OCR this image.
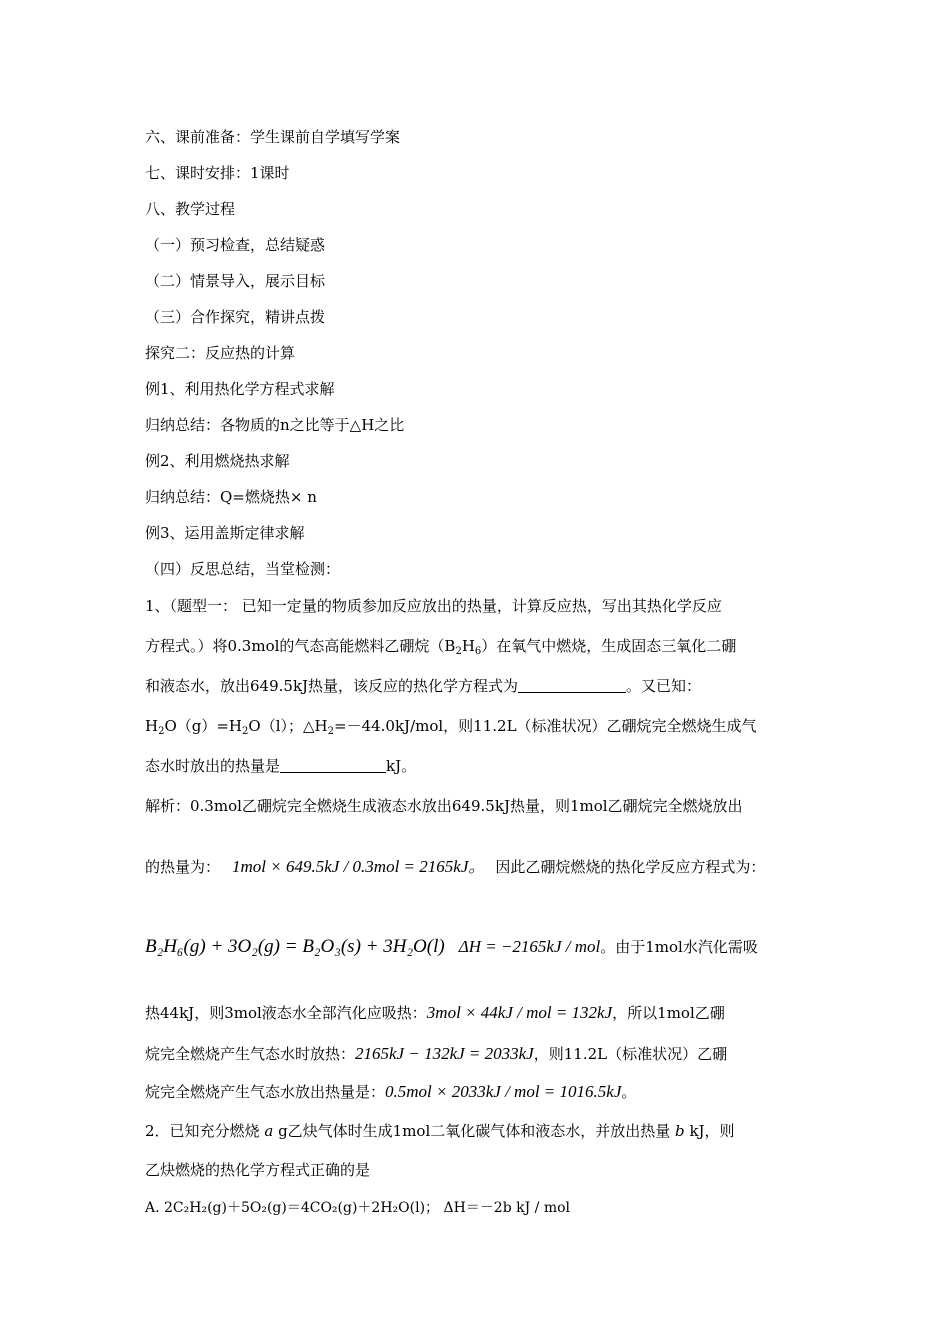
六、课前准备：学生课前自学填写学案
七、课时安排：1课时
八、教学过程
（一）预习检查，总结疑惑
（二）情景导入，展示目标
（三）合作探究，精讲点拨
探究二：反应热的计算
例1、利用热化学方程式求解
归纳总结：各物质的n之比等于△H之比
例2、利用燃烧热求解
归纳总结：Q=燃烧热× n
例3、运用盖斯定律求解
（四）反思总结，当堂检测：
1、（题型一： 已知一定量的物质参加反应放出的热量，计算反应热，写出其热化学反应
方程式。）将0.3mol的气态高能燃料乙硼烷$(B_2H_6)$在氧气中燃烧，生成固态三氧化二硼
和液态水，放出649.5kJ热量，该反应的热化学方程式为	。又已知：
$H_2O(g)=H_2O(l)$；$\triangle H_2=-44.0kJ$/mol，则11.2L（标准状况）乙硼烷完全燃烧生成气
态水时放出的热量是	kJ。
解析：0.3mol乙硼烷完全燃烧生成液态水放出649.5kJ热量，则1mol乙硼烷完全燃烧放出
的热量为： 1mol × 649.5kJ / 0.3mol = 2165kJ。 因此乙硼烷燃烧的热化学反应方程式为：
B₂H₆(g) + 3O₂(g) = B₂O₃(s) + 3H₂O(l) ΔH = −2165kJ / mol。由于1mol水汽化需吸
热44kJ，则3mol液态水全部汽化应吸热：3mol × 44kJ / mol = 132kJ，所以1mol乙硼
烷完全燃烧产生气态水时放热：2165kJ − 132kJ = 2033kJ，则11.2L（标准状况）乙硼
烷完全燃烧产生气态水放出热量是：0.5mol × 2033kJ / mol = 1016.5kJ。
2．已知充分燃烧 a g乙炔气体时生成1mol二氧化碳气体和液态水，并放出热量 b kJ，则
乙炔燃烧的热化学方程式正确的是
A. 2C₂H₂(g)＋5O₂(g)＝4CO₂(g)＋2H₂O(l)； ΔH＝－2b kJ / mol
